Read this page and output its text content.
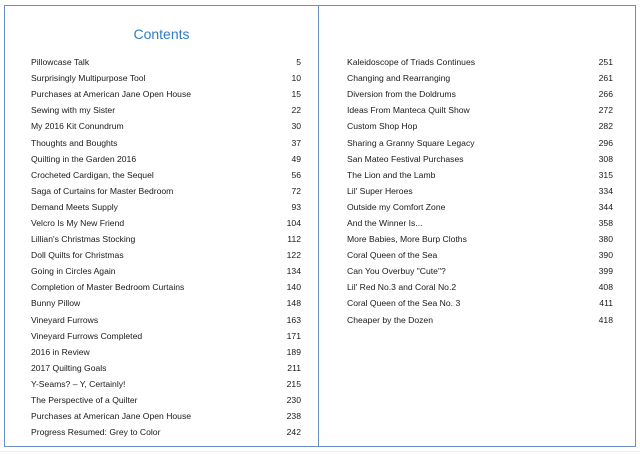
Contents
Pillowcase Talk	5
Surprisingly Multipurpose Tool	10
Purchases at American Jane Open House	15
Sewing with my Sister	22
My 2016 Kit Conundrum	30
Thoughts and Boughts	37
Quilting in the Garden 2016	49
Crocheted Cardigan, the Sequel	56
Saga of Curtains for Master Bedroom	72
Demand Meets Supply	93
Velcro Is My New Friend	104
Lillian's Christmas Stocking	112
Doll Quilts for Christmas	122
Going in Circles Again	134
Completion of Master Bedroom Curtains	140
Bunny Pillow	148
Vineyard Furrows	163
Vineyard Furrows Completed	171
2016 in Review	189
2017 Quilting Goals	211
Y-Seams? – Y, Certainly!	215
The Perspective of a Quilter	230
Purchases at American Jane Open House	238
Progress Resumed: Grey to Color	242
Kaleidoscope of Triads Continues	251
Changing and Rearranging	261
Diversion from the Doldrums	266
Ideas From Manteca Quilt Show	272
Custom Shop Hop	282
Sharing a Granny Square Legacy	296
San Mateo Festival Purchases	308
The Lion and the Lamb	315
Lil' Super Heroes	334
Outside my Comfort Zone	344
And the Winner Is...	358
More Babies, More Burp Cloths	380
Coral Queen of the Sea	390
Can You Overbuy "Cute"?	399
Lil' Red No.3 and Coral No.2	408
Coral Queen of the Sea No. 3	411
Cheaper by the Dozen	418
